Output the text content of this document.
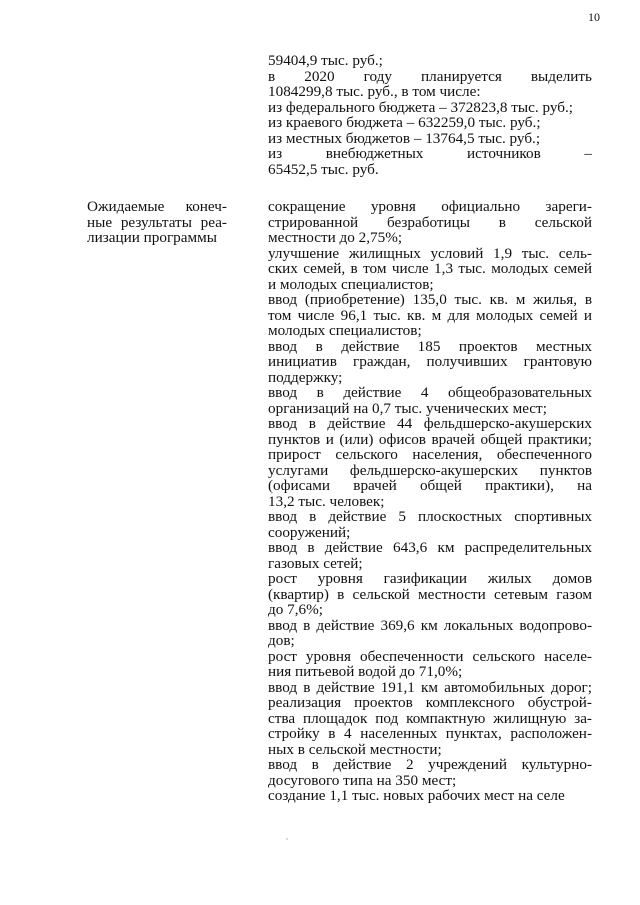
10
59404,9 тыс. руб.;
в 2020 году планируется выделить
1084299,8 тыс. руб., в том числе:
из федерального бюджета – 372823,8 тыс. руб.;
из краевого бюджета – 632259,0 тыс. руб.;
из местных бюджетов – 13764,5 тыс. руб.;
из внебюджетных источников –
65452,5 тыс. руб.
Ожидаемые конеч-
ные результаты реа-
лизации программы
сокращение уровня официально зареги-
стрированной безработицы в сельской
местности до 2,75%;
улучшение жилищных условий 1,9 тыс. сель-
ских семей, в том числе 1,3 тыс. молодых семей
и молодых специалистов;
ввод (приобретение) 135,0 тыс. кв. м жилья, в
том числе 96,1 тыс. кв. м для молодых семей и
молодых специалистов;
ввод в действие 185 проектов местных
инициатив граждан, получивших грантовую
поддержку;
ввод в действие 4 общеобразовательных
организаций на 0,7 тыс. ученических мест;
ввод в действие 44 фельдшерско-акушерских
пунктов и (или) офисов врачей общей практики;
прирост сельского населения, обеспеченного
услугами фельдшерско-акушерских пунктов
(офисами врачей общей практики), на
13,2 тыс. человек;
ввод в действие 5 плоскостных спортивных
сооружений;
ввод в действие 643,6 км распределительных
газовых сетей;
рост уровня газификации жилых домов
(квартир) в сельской местности сетевым газом
до 7,6%;
ввод в действие 369,6 км локальных водопрово-
дов;
рост уровня обеспеченности сельского населе-
ния питьевой водой до 71,0%;
ввод в действие 191,1 км автомобильных дорог;
реализация проектов комплексного обустрой-
ства площадок под компактную жилищную за-
стройку в 4 населенных пунктах, расположен-
ных в сельской местности;
ввод в действие 2 учреждений культурно-
досугового типа на 350 мест;
создание 1,1 тыс. новых рабочих мест на селе
